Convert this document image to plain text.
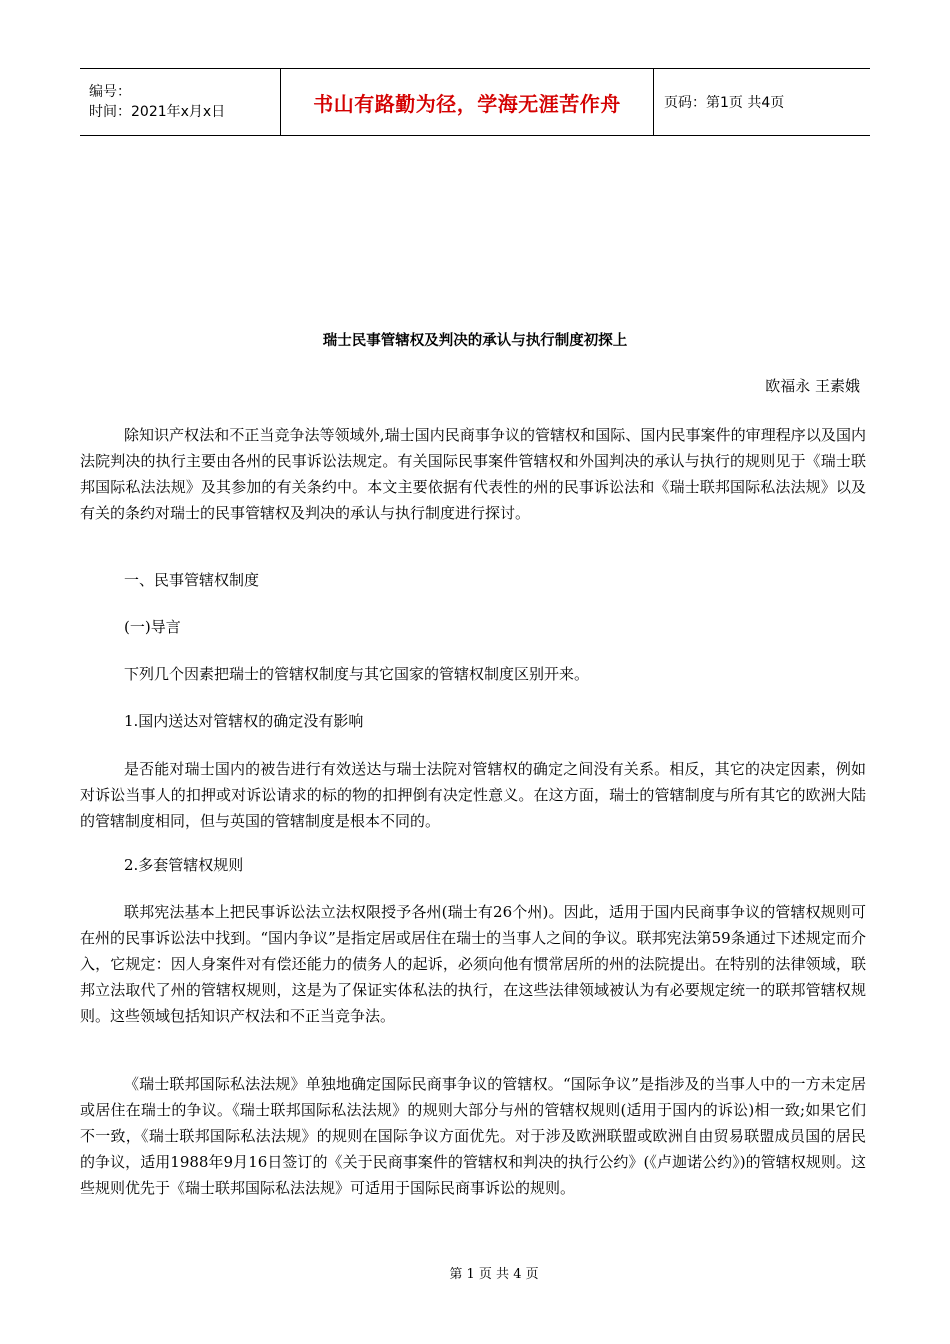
编号：
时间：2021年x月x日	书山有路勤为径，学海无涯苦作舟	页码：第1页 共4页
瑞士民事管辖权及判决的承认与执行制度初探上
欧福永 王素娥

除知识产权法和不正当竞争法等领域外,瑞士国内民商事争议的管辖权和国际、国内民事案件的审理程序以及国内法院判决的执行主要由各州的民事诉讼法规定。有关国际民事案件管辖权和外国判决的承认与执行的规则见于《瑞士联邦国际私法法规》及其参加的有关条约中。本文主要依据有代表性的州的民事诉讼法和《瑞士联邦国际私法法规》以及有关的条约对瑞士的民事管辖权及判决的承认与执行制度进行探讨。

一、民事管辖权制度

(一)导言

下列几个因素把瑞士的管辖权制度与其它国家的管辖权制度区别开来。

1.国内送达对管辖权的确定没有影响

是否能对瑞士国内的被告进行有效送达与瑞士法院对管辖权的确定之间没有关系。相反，其它的决定因素，例如对诉讼当事人的扣押或对诉讼请求的标的物的扣押倒有决定性意义。在这方面，瑞士的管辖制度与所有其它的欧洲大陆的管辖制度相同，但与英国的管辖制度是根本不同的。

2.多套管辖权规则

联邦宪法基本上把民事诉讼法立法权限授予各州(瑞士有26个州)。因此，适用于国内民商事争议的管辖权规则可在州的民事诉讼法中找到。“国内争议”是指定居或居住在瑞士的当事人之间的争议。联邦宪法第59条通过下述规定而介入，它规定：因人身案件对有偿还能力的债务人的起诉，必须向他有惯常居所的州的法院提出。在特别的法律领域，联邦立法取代了州的管辖权规则，这是为了保证实体私法的执行，在这些法律领域被认为有必要规定统一的联邦管辖权规则。这些领域包括知识产权法和不正当竞争法。

《瑞士联邦国际私法法规》单独地确定国际民商事争议的管辖权。“国际争议”是指涉及的当事人中的一方未定居或居住在瑞士的争议。《瑞士联邦国际私法法规》的规则大部分与州的管辖权规则(适用于国内的诉讼)相一致;如果它们不一致，《瑞士联邦国际私法法规》的规则在国际争议方面优先。对于涉及欧洲联盟或欧洲自由贸易联盟成员国的居民的争议，适用1988年9月16日签订的《关于民商事案件的管辖权和判决的执行公约》(《卢迦诺公约》)的管辖权规则。这些规则优先于《瑞士联邦国际私法法规》可适用于国际民商事诉讼的规则。

第 1 页 共 4 页
